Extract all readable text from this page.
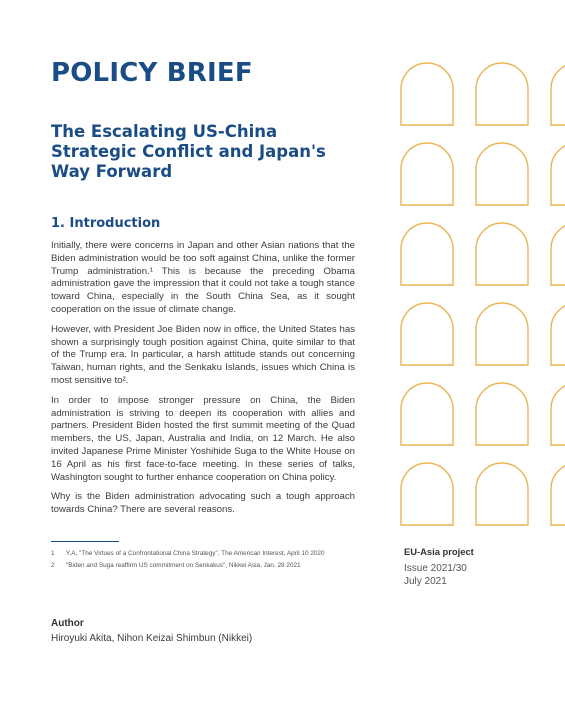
POLICY BRIEF
The Escalating US-China Strategic Conflict and Japan's Way Forward
1. Introduction

Initially, there were concerns in Japan and other Asian nations that the Biden administration would be too soft against China, unlike the former Trump administration.¹ This is because the preceding Obama administration gave the impression that it could not take a tough stance toward China, especially in the South China Sea, as it sought cooperation on the issue of climate change.

However, with President Joe Biden now in office, the United States has shown a surprisingly tough position against China, quite similar to that of the Trump era. In particular, a harsh attitude stands out concerning Taiwan, human rights, and the Senkaku Islands, issues which China is most sensitive to².

In order to impose stronger pressure on China, the Biden administration is striving to deepen its cooperation with allies and partners. President Biden hosted the first summit meeting of the Quad members, the US, Japan, Australia and India, on 12 March. He also invited Japanese Prime Minister Yoshihide Suga to the White House on 16 April as his first face-to-face meeting. In these series of talks, Washington sought to further enhance cooperation on China policy.

Why is the Biden administration advocating such a tough approach towards China? There are several reasons.

1	Y.A, "The Virtues of a Confrontational China Strategy", The American Interest, April 10 2020
2	"Biden and Suga reaffirm US commitment on Senkakus", Nikkei Asia, Jan. 28 2021
Author
Hiroyuki Akita, Nihon Keizai Shimbun (Nikkei)
EU-Asia project
Issue 2021/30
July 2021
